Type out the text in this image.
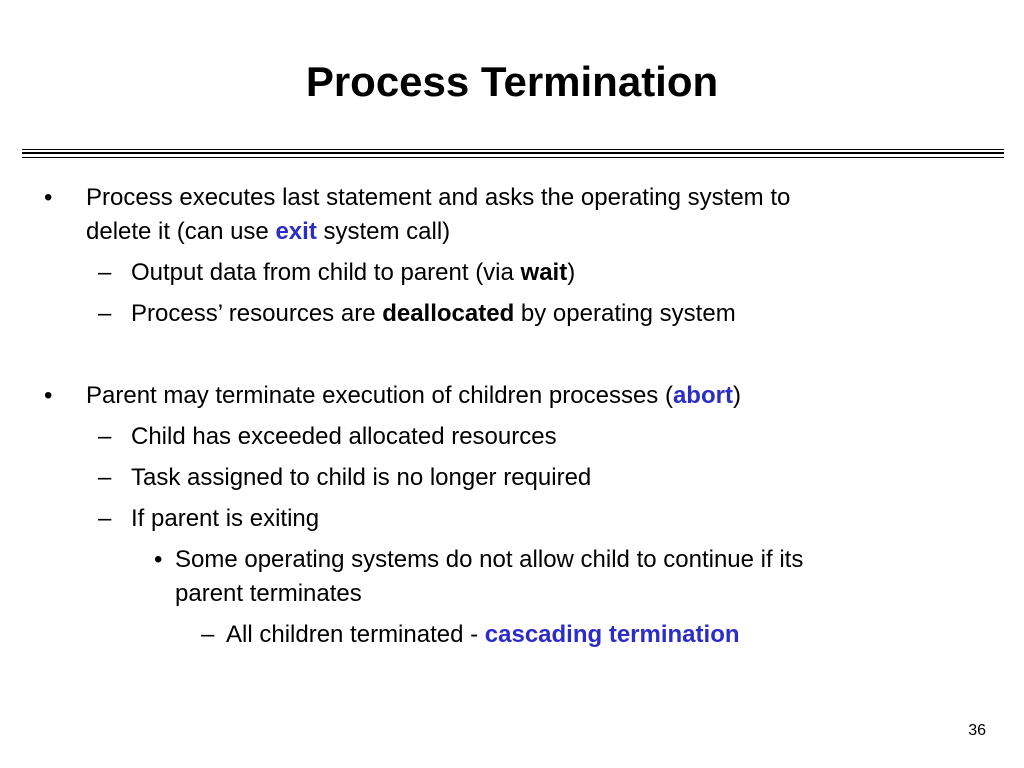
Process Termination
• Process executes last statement and asks the operating system to
delete it (can use exit system call)
– Output data from child to parent (via wait)
– Process’ resources are deallocated by operating system
• Parent may terminate execution of children processes (abort)
– Child has exceeded allocated resources
– Task assigned to child is no longer required
– If parent is exiting
• Some operating systems do not allow child to continue if its
parent terminates
– All children terminated - cascading termination
36
